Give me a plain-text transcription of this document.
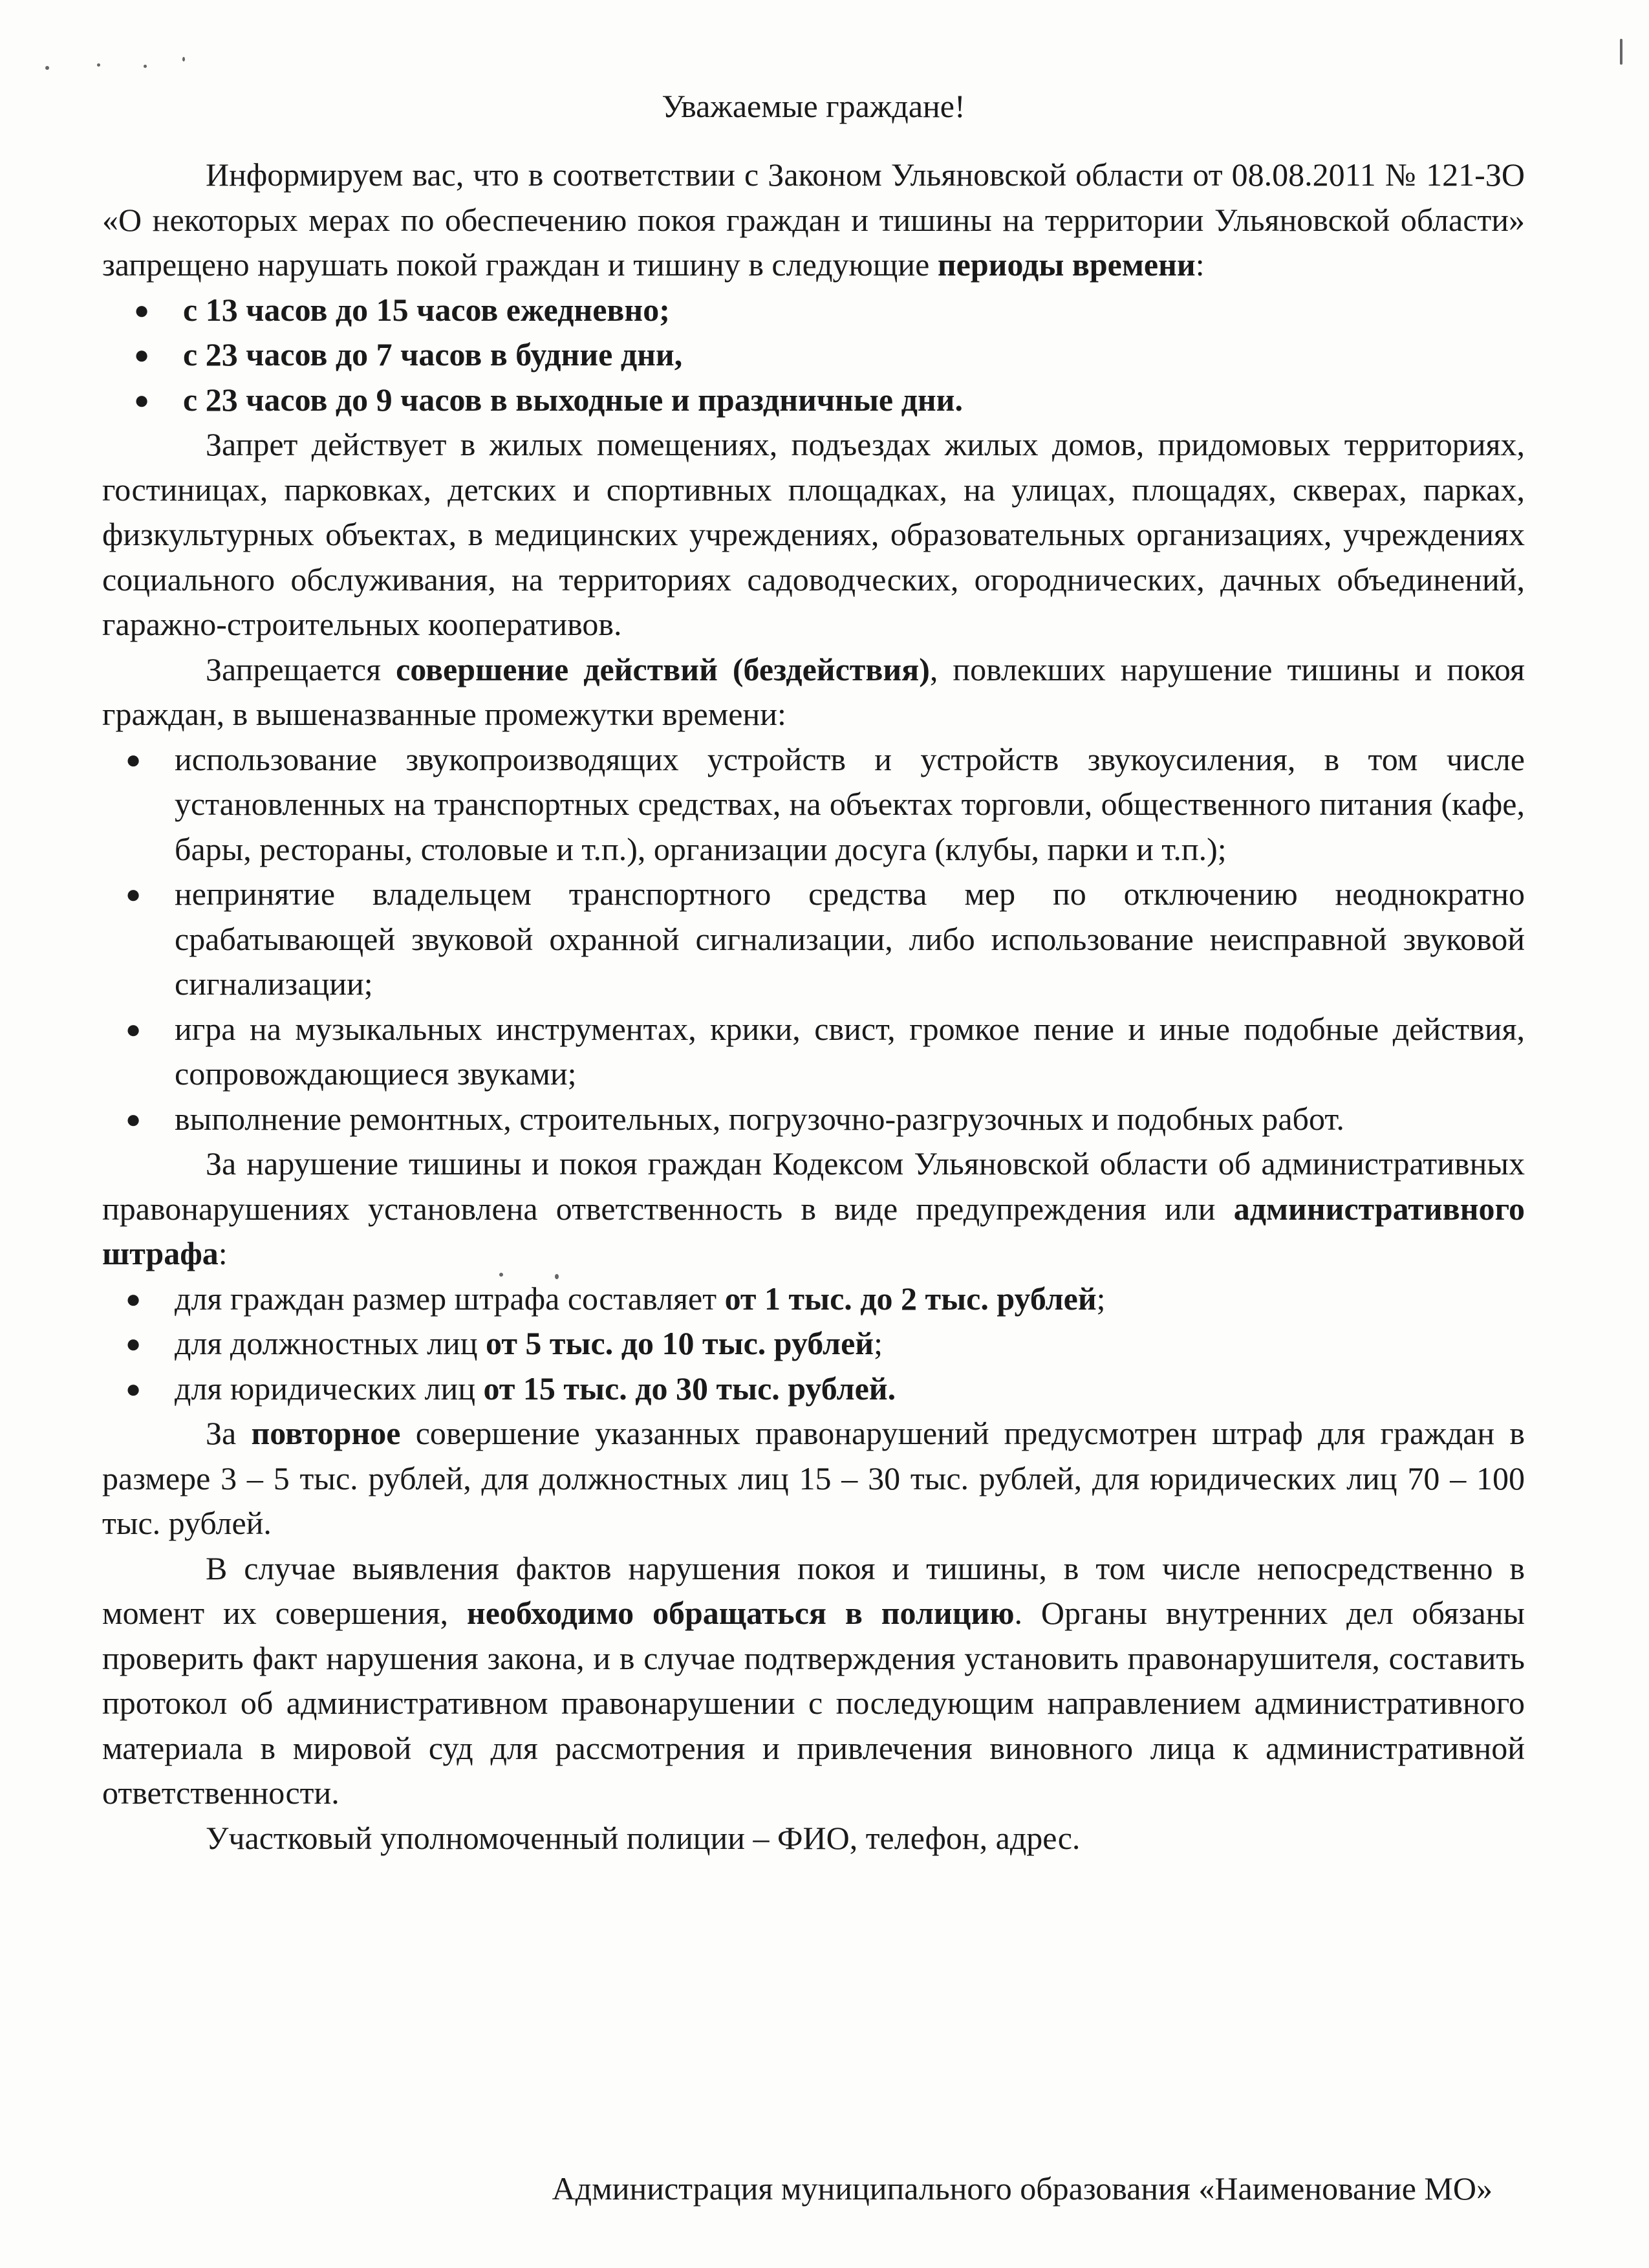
Уважаемые граждане!

Информируем вас, что в соответствии с Законом Ульяновской области от 08.08.2011 № 121-ЗО «О некоторых мерах по обеспечению покоя граждан и тишины на территории Ульяновской области» запрещено нарушать покой граждан и тишину в следующие периоды времени:

● с 13 часов до 15 часов ежедневно;
● с 23 часов до 7 часов в будние дни,
● с 23 часов до 9 часов в выходные и праздничные дни.

Запрет действует в жилых помещениях, подъездах жилых домов, придомовых территориях, гостиницах, парковках, детских и спортивных площадках, на улицах, площадях, скверах, парках, физкультурных объектах, в медицинских учреждениях, образовательных организациях, учреждениях социального обслуживания, на территориях садоводческих, огороднических, дачных объединений, гаражно-строительных кооперативов.

Запрещается совершение действий (бездействия), повлекших нарушение тишины и покоя граждан, в вышеназванные промежутки времени:

● использование звукопроизводящих устройств и устройств звукоусиления, в том числе установленных на транспортных средствах, на объектах торговли, общественного питания (кафе, бары, рестораны, столовые и т.п.), организации досуга (клубы, парки и т.п.);
● непринятие владельцем транспортного средства мер по отключению неоднократно срабатывающей звуковой охранной сигнализации, либо использование неисправной звуковой сигнализации;
● игра на музыкальных инструментах, крики, свист, громкое пение и иные подобные действия, сопровождающиеся звуками;
● выполнение ремонтных, строительных, погрузочно-разгрузочных и подобных работ.

За нарушение тишины и покоя граждан Кодексом Ульяновской области об административных правонарушениях установлена ответственность в виде предупреждения или административного штрафа:

● для граждан размер штрафа составляет от 1 тыс. до 2 тыс. рублей;
● для должностных лиц от 5 тыс. до 10 тыс. рублей;
● для юридических лиц от 15 тыс. до 30 тыс. рублей.

За повторное совершение указанных правонарушений предусмотрен штраф для граждан в размере 3 – 5 тыс. рублей, для должностных лиц 15 – 30 тыс. рублей, для юридических лиц 70 – 100 тыс. рублей.

В случае выявления фактов нарушения покоя и тишины, в том числе непосредственно в момент их совершения, необходимо обращаться в полицию. Органы внутренних дел обязаны проверить факт нарушения закона, и в случае подтверждения установить правонарушителя, составить протокол об административном правонарушении с последующим направлением административного материала в мировой суд для рассмотрения и привлечения виновного лица к административной ответственности.

Участковый уполномоченный полиции – ФИО, телефон, адрес.

Администрация муниципального образования «Наименование МО»
